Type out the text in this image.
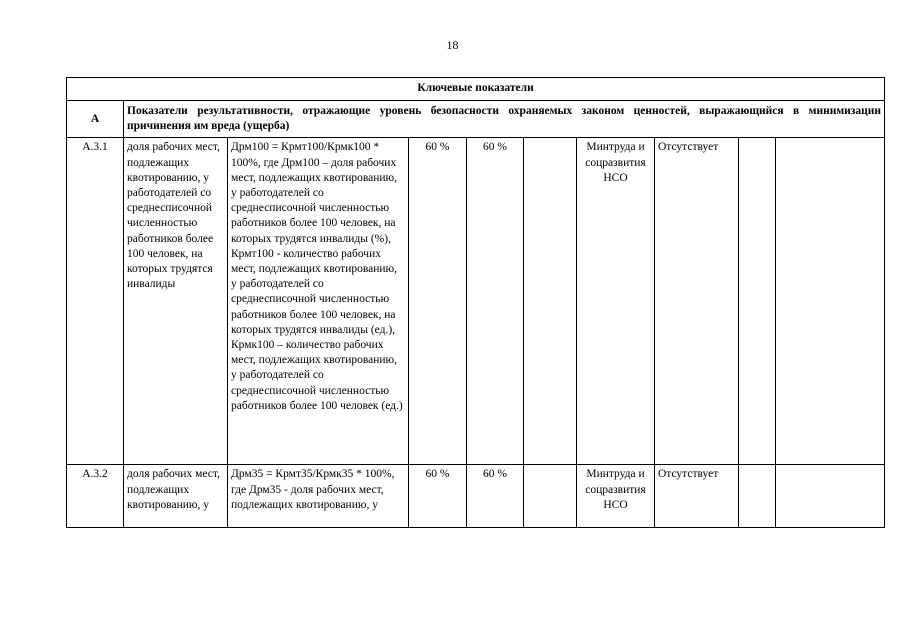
18
Ключевые показатели									
А	Показатели результативности, отражающие уровень безопасности охраняемых законом ценностей, выражающийся в минимизации причинения им вреда (ущерба)								
А.3.1	доля рабочих мест, подлежащих квотированию, у работодателей со среднесписочной численностью работников более 100 человек, на которых трудятся инвалиды	Дрм100 = Крмт100/Крмк100 * 100%, где Дрм100 – доля рабочих мест, подлежащих квотированию, у работодателей со среднесписочной численностью работников более 100 человек, на которых трудятся инвалиды (%), Крмт100 - количество рабочих мест, подлежащих квотированию, у работодателей со среднесписочной численностью работников более 100 человек, на которых трудятся инвалиды (ед.), Крмк100 – количество рабочих мест, подлежащих квотированию, у работодателей со среднесписочной численностью работников более 100 человек (ед.)	60 %	60 %		Минтруда и соцразвития НСО	Отсутствует		
А.3.2	доля рабочих мест, подлежащих квотированию, у	Дрм35 = Крмт35/Крмк35 * 100%, где Дрм35 - доля рабочих мест, подлежащих квотированию, у	60 %	60 %		Минтруда и соцразвития НСО	Отсутствует		
